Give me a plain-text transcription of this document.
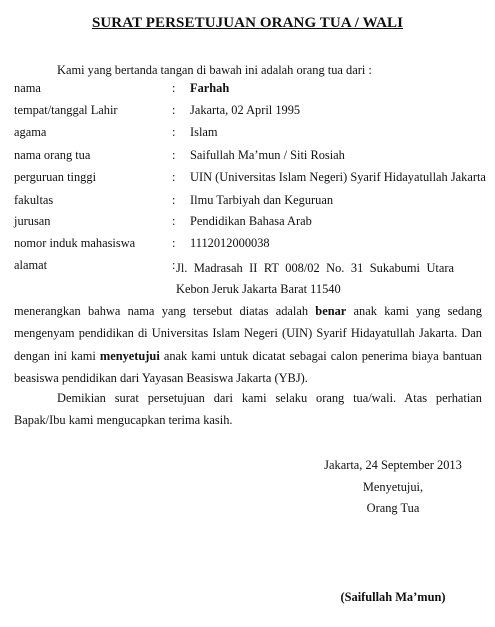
SURAT PERSETUJUAN ORANG TUA / WALI
Kami yang bertanda tangan di bawah ini adalah orang tua dari :
nama	: Farhah
tempat/tanggal Lahir	: Jakarta, 02 April 1995
agama	: Islam
nama orang tua	: Saifullah Ma’mun / Siti Rosiah
perguruan tinggi	: UIN (Universitas Islam Negeri) Syarif Hidayatullah Jakarta
fakultas	: Ilmu Tarbiyah dan Keguruan
jurusan	: Pendidikan Bahasa Arab
nomor induk mahasiswa	: 1112012000038
alamat	: Jl. Madrasah II RT 008/02 No. 31 Sukabumi Utara Kebon Jeruk Jakarta Barat 11540
menerangkan bahwa nama yang tersebut diatas adalah benar anak kami yang sedang mengenyam pendidikan di Universitas Islam Negeri (UIN) Syarif Hidayatullah Jakarta. Dan dengan ini kami menyetujui anak kami untuk dicatat sebagai calon penerima biaya bantuan beasiswa pendidikan dari Yayasan Beasiswa Jakarta (YBJ).
Demikian surat persetujuan dari kami selaku orang tua/wali. Atas perhatian Bapak/Ibu kami mengucapkan terima kasih.
Jakarta, 24 September 2013
Menyetujui,
Orang Tua
(Saifullah Ma’mun)
